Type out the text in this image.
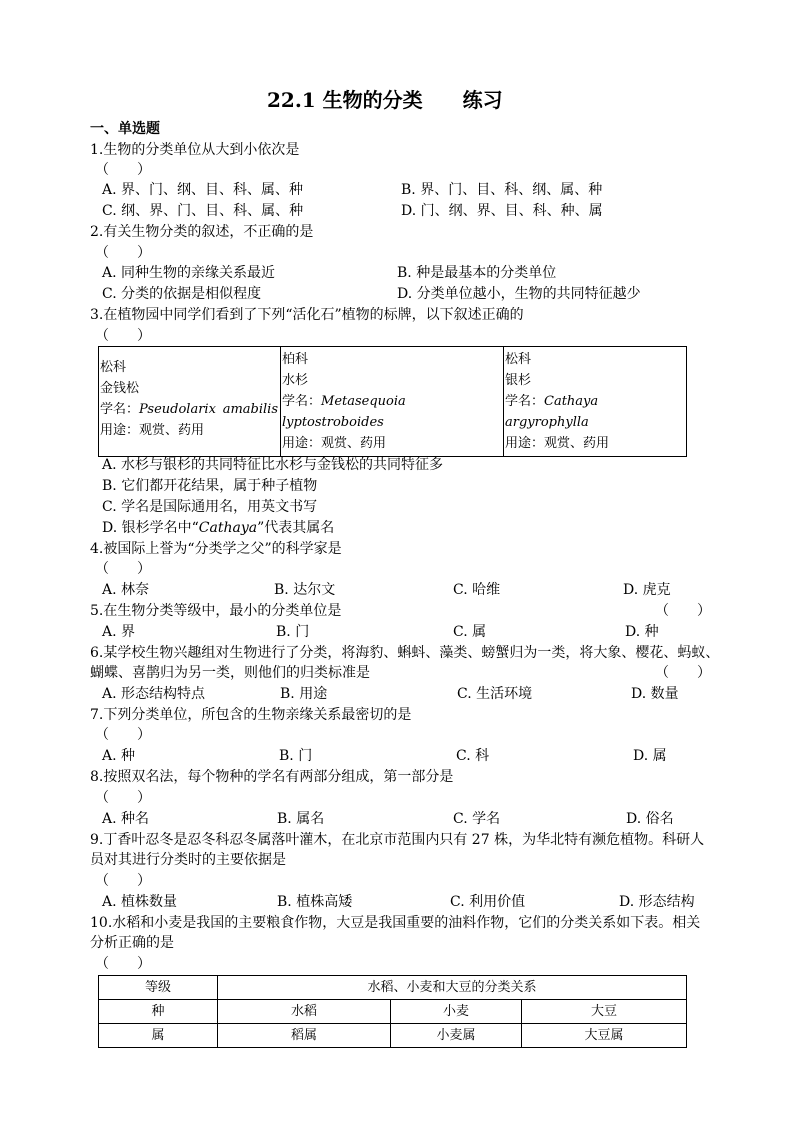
22.1 生物的分类　　练习
一、单选题
1.生物的分类单位从大到小依次是
（　　）
A. 界、门、纲、目、科、属、种	B. 界、门、目、科、纲、属、种
C. 纲、界、门、目、科、属、种	D. 门、纲、界、目、科、种、属
2.有关生物分类的叙述，不正确的是
（　　）
A. 同种生物的亲缘关系最近	B. 种是最基本的分类单位
C. 分类的依据是相似程度	D. 分类单位越小，生物的共同特征越少
3.在植物园中同学们看到了下列“活化石”植物的标牌，以下叙述正确的
（　　）
松科
金钱松
学名：Pseudolarix amabilis
用途：观赏、药用

柏科
水杉
学名：Metasequoia
lyptostroboides
用途：观赏、药用

松科
银杉
学名：Cathaya
argyrophylla
用途：观赏、药用
A. 水杉与银杉的共同特征比水杉与金钱松的共同特征多
B. 它们都开花结果，属于种子植物
C. 学名是国际通用名，用英文书写
D. 银杉学名中“Cathaya”代表其属名
4.被国际上誉为“分类学之父”的科学家是
（　　）
A. 林奈	B. 达尔文	C. 哈维	D. 虎克
5.在生物分类等级中，最小的分类单位是	（　　）
A. 界	B. 门	C. 属	D. 种
6.某学校生物兴趣组对生物进行了分类，将海豹、蝌蚪、藻类、螃蟹归为一类，将大象、樱花、蚂蚁、
蝴蝶、喜鹊归为另一类，则他们的归类标准是	（　　）
A. 形态结构特点	B. 用途	C. 生活环境	D. 数量
7.下列分类单位，所包含的生物亲缘关系最密切的是
（　　）
A. 种	B. 门	C. 科	D. 属
8.按照双名法，每个物种的学名有两部分组成，第一部分是
（　　）
A. 种名	B. 属名	C. 学名	D. 俗名
9.丁香叶忍冬是忍冬科忍冬属落叶灌木，在北京市范围内只有 27 株，为华北特有濒危植物。科研人
员对其进行分类时的主要依据是
（　　）
A. 植株数量	B. 植株高矮	C. 利用价值	D. 形态结构
10.水稻和小麦是我国的主要粮食作物，大豆是我国重要的油料作物，它们的分类关系如下表。相关
分析正确的是
（　　）
等级	水稻、小麦和大豆的分类关系		
种	水稻	小麦	大豆
属	稻属	小麦属	大豆属
